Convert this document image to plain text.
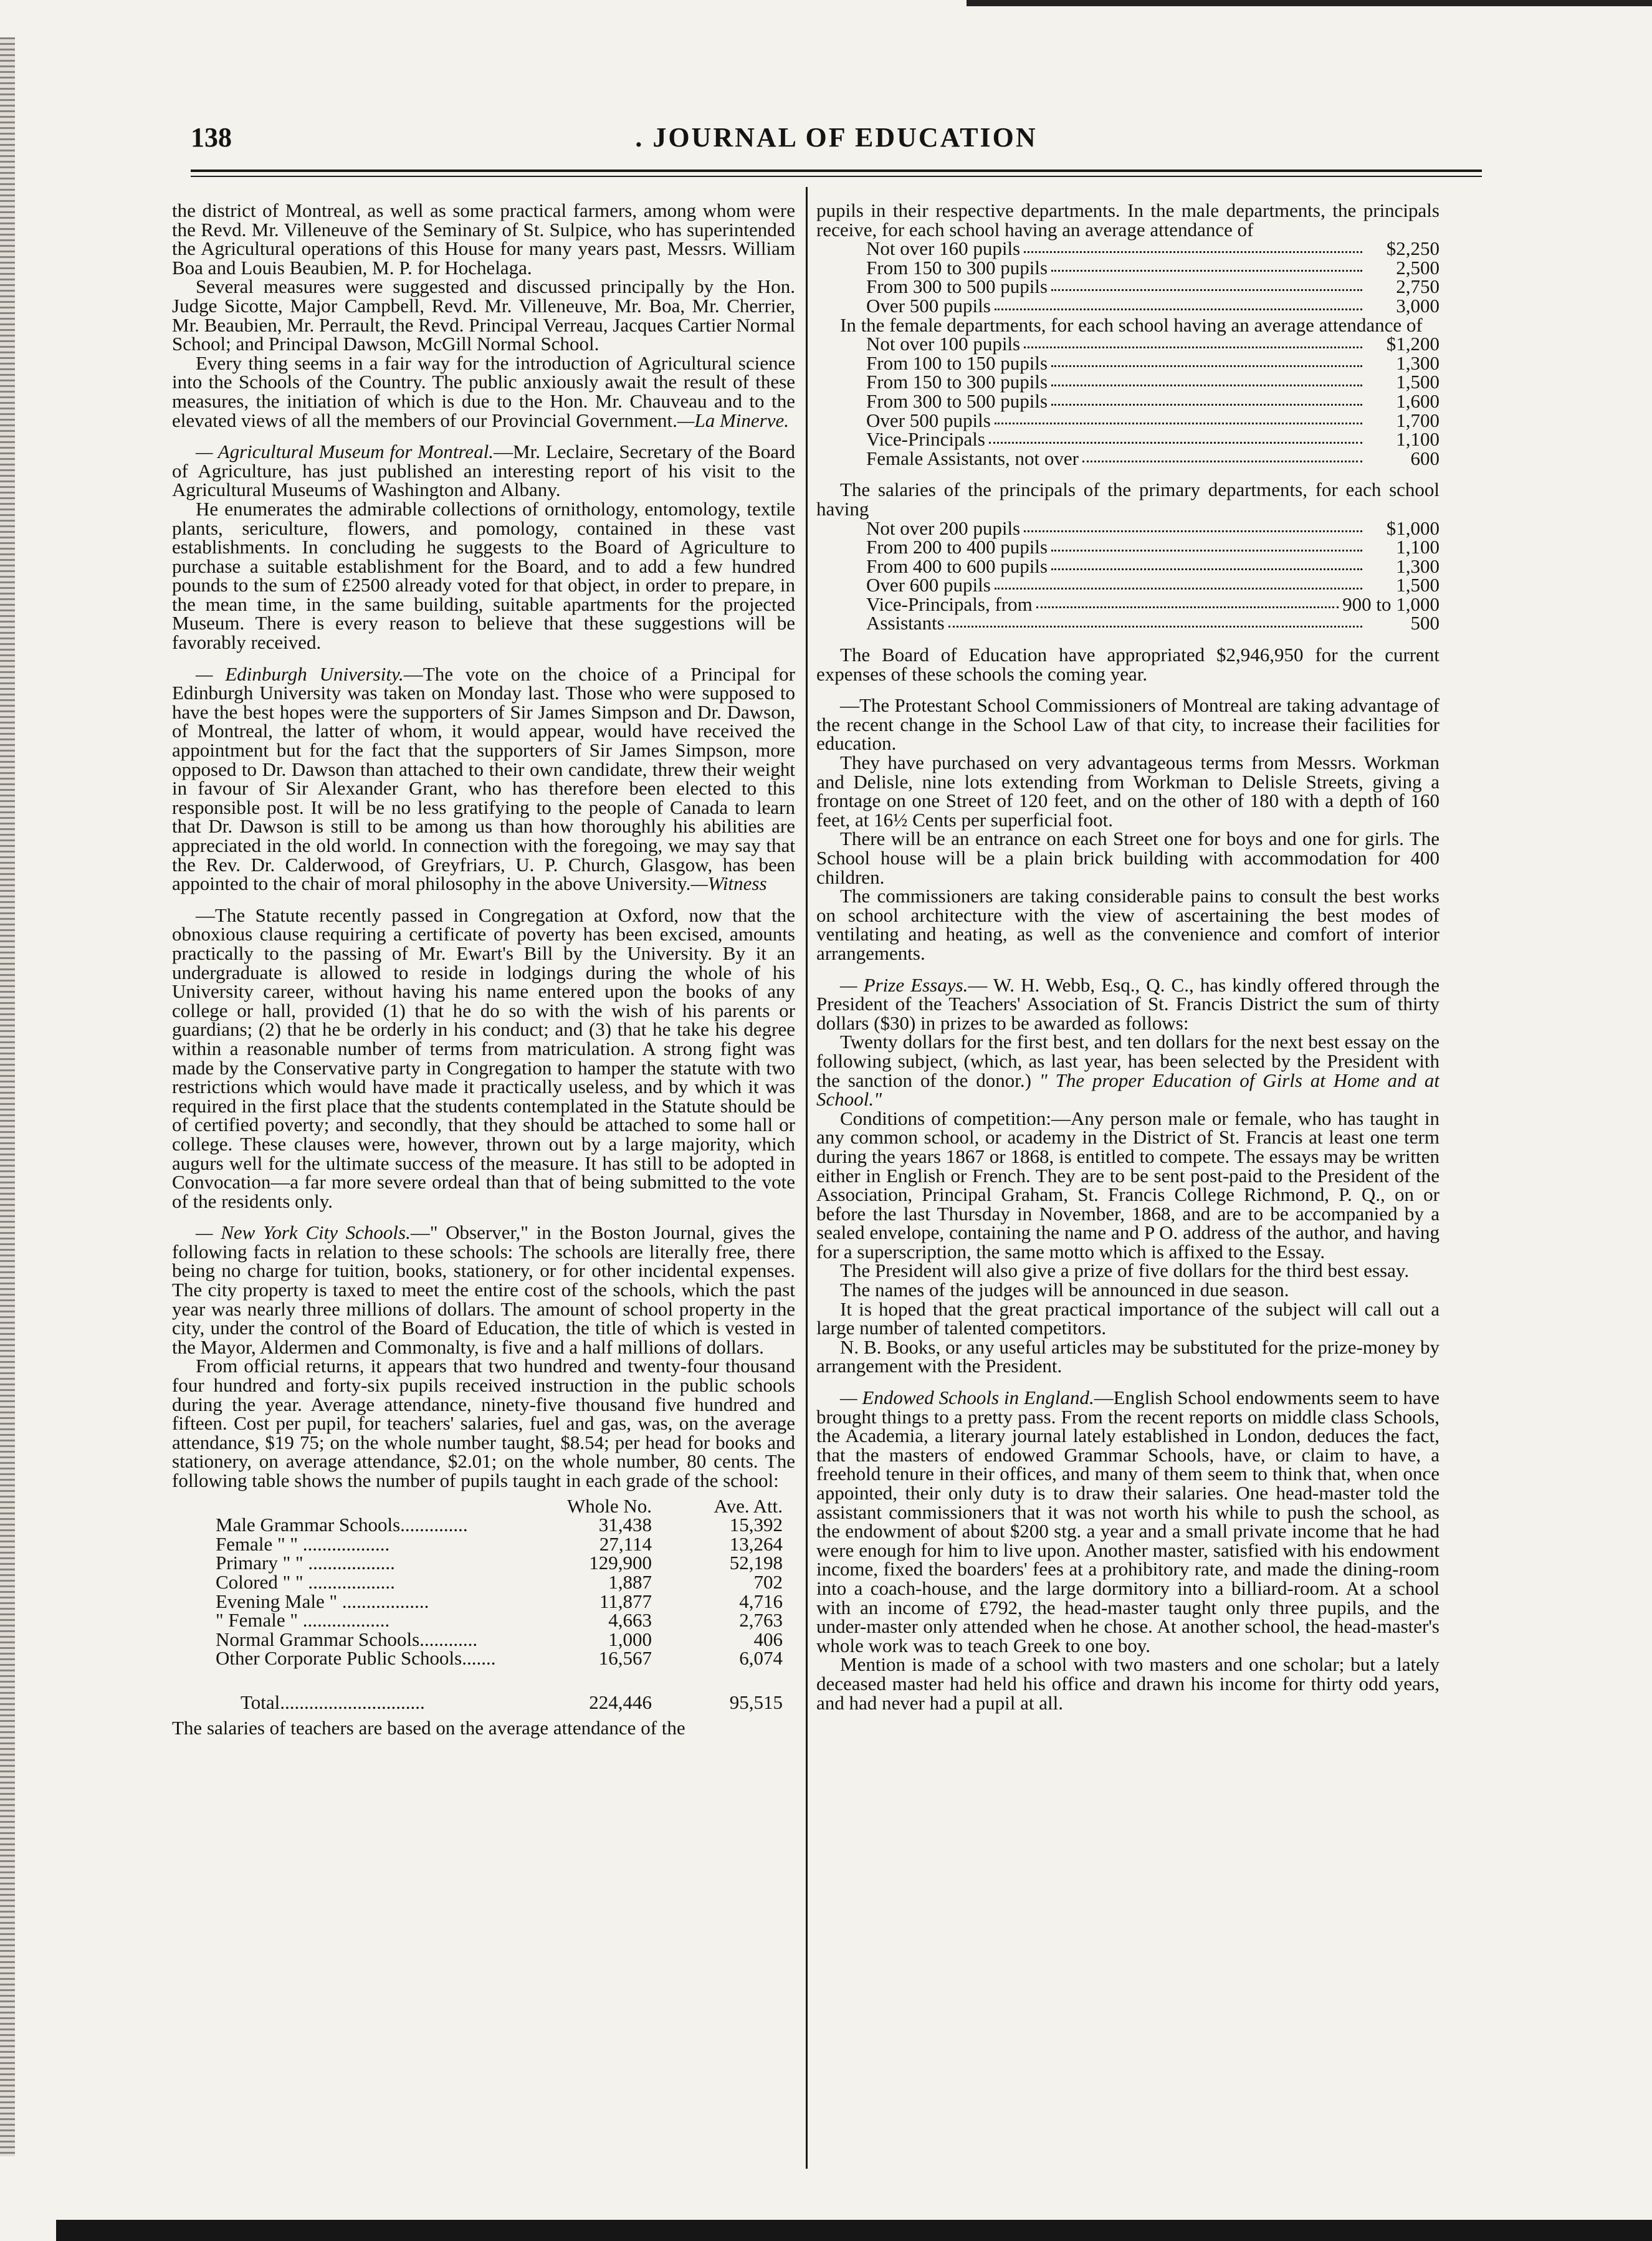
138	. JOURNAL OF EDUCATION

the district of Montreal, as well as some practical farmers, among whom were the Revd. Mr. Villeneuve of the Seminary of St. Sulpice, who has superintended the Agricultural operations of this House for many years past, Messrs. William Boa and Louis Beaubien, M. P. for Hochelaga.

Several measures were suggested and discussed principally by the Hon. Judge Sicotte, Major Campbell, Revd. Mr. Villeneuve, Mr. Boa, Mr. Cherrier, Mr. Beaubien, Mr. Perrault, the Revd. Principal Verreau, Jacques Cartier Normal School; and Principal Dawson, McGill Normal School.

Every thing seems in a fair way for the introduction of Agricultural science into the Schools of the Country. The public anxiously await the result of these measures, the initiation of which is due to the Hon. Mr. Chauveau and to the elevated views of all the members of our Provincial Government.—La Minerve.

— Agricultural Museum for Montreal.—Mr. Leclaire, Secretary of the Board of Agriculture, has just published an interesting report of his visit to the Agricultural Museums of Washington and Albany.

He enumerates the admirable collections of ornithology, entomology, textile plants, sericulture, flowers, and pomology, contained in these vast establishments. In concluding he suggests to the Board of Agriculture to purchase a suitable establishment for the Board, and to add a few hundred pounds to the sum of £2500 already voted for that object, in order to prepare, in the mean time, in the same building, suitable apartments for the projected Museum. There is every reason to believe that these suggestions will be favorably received.

— Edinburgh University.—The vote on the choice of a Principal for Edinburgh University was taken on Monday last. Those who were supposed to have the best hopes were the supporters of Sir James Simpson and Dr. Dawson, of Montreal, the latter of whom, it would appear, would have received the appointment but for the fact that the supporters of Sir James Simpson, more opposed to Dr. Dawson than attached to their own candidate, threw their weight in favour of Sir Alexander Grant, who has therefore been elected to this responsible post. It will be no less gratifying to the people of Canada to learn that Dr. Dawson is still to be among us than how thoroughly his abilities are appreciated in the old world. In connection with the foregoing, we may say that the Rev. Dr. Calderwood, of Greyfriars, U. P. Church, Glasgow, has been appointed to the chair of moral philosophy in the above University.—Witness

—The Statute recently passed in Congregation at Oxford, now that the obnoxious clause requiring a certificate of poverty has been excised, amounts practically to the passing of Mr. Ewart's Bill by the University. By it an undergraduate is allowed to reside in lodgings during the whole of his University career, without having his name entered upon the books of any college or hall, provided (1) that he do so with the wish of his parents or guardians; (2) that he be orderly in his conduct; and (3) that he take his degree within a reasonable number of terms from matriculation. A strong fight was made by the Conservative party in Congregation to hamper the statute with two restrictions which would have made it practically useless, and by which it was required in the first place that the students contemplated in the Statute should be of certified poverty; and secondly, that they should be attached to some hall or college. These clauses were, however, thrown out by a large majority, which augurs well for the ultimate success of the measure. It has still to be adopted in Convocation—a far more severe ordeal than that of being submitted to the vote of the residents only.

— New York City Schools.—" Observer," in the Boston Journal, gives the following facts in relation to these schools: The schools are literally free, there being no charge for tuition, books, stationery, or for other incidental expenses. The city property is taxed to meet the entire cost of the schools, which the past year was nearly three millions of dollars. The amount of school property in the city, under the control of the Board of Education, the title of which is vested in the Mayor, Aldermen and Commonalty, is five and a half millions of dollars.

From official returns, it appears that two hundred and twenty-four thousand four hundred and forty-six pupils received instruction in the public schools during the year. Average attendance, ninety-five thousand five hundred and fifteen. Cost per pupil, for teachers' salaries, fuel and gas, was, on the average attendance, $19 75; on the whole number taught, $8.54; per head for books and stationery, on average attendance, $2.01; on the whole number, 80 cents. The following table shows the number of pupils taught in each grade of the school:

	Whole No.	Ave. Att.
Male Grammar Schools..............	31,438	15,392
Female " " ..................	27,114	13,264
Primary " " ..................	129,900	52,198
Colored " " ..................	1,887	702
Evening Male " ..................	11,877	4,716
" Female " ..................	4,663	2,763
Normal Grammar Schools............	1,000	406
Other Corporate Public Schools.......	16,567	6,074
Total..............................	224,446	95,515

The salaries of teachers are based on the average attendance of the

pupils in their respective departments. In the male departments, the principals receive, for each school having an average attendance of

Not over 160 pupils	$2,250
From 150 to 300 pupils	2,500
From 300 to 500 pupils	2,750
Over 500 pupils	3,000

In the female departments, for each school having an average attendance of

Not over 100 pupils	$1,200
From 100 to 150 pupils	1,300
From 150 to 300 pupils	1,500
From 300 to 500 pupils	1,600
Over 500 pupils	1,700
Vice-Principals	1,100
Female Assistants, not over	600

The salaries of the principals of the primary departments, for each school having

Not over 200 pupils	$1,000
From 200 to 400 pupils	1,100
From 400 to 600 pupils	1,300
Over 600 pupils	1,500
Vice-Principals, from	900 to 1,000
Assistants	500

The Board of Education have appropriated $2,946,950 for the current expenses of these schools the coming year.

—The Protestant School Commissioners of Montreal are taking advantage of the recent change in the School Law of that city, to increase their facilities for education.

They have purchased on very advantageous terms from Messrs. Workman and Delisle, nine lots extending from Workman to Delisle Streets, giving a frontage on one Street of 120 feet, and on the other of 180 with a depth of 160 feet, at 16½ Cents per superficial foot.

There will be an entrance on each Street one for boys and one for girls. The School house will be a plain brick building with accommodation for 400 children.

The commissioners are taking considerable pains to consult the best works on school architecture with the view of ascertaining the best modes of ventilating and heating, as well as the convenience and comfort of interior arrangements.

— Prize Essays.— W. H. Webb, Esq., Q. C., has kindly offered through the President of the Teachers' Association of St. Francis District the sum of thirty dollars ($30) in prizes to be awarded as follows:

Twenty dollars for the first best, and ten dollars for the next best essay on the following subject, (which, as last year, has been selected by the President with the sanction of the donor.) " The proper Education of Girls at Home and at School."

Conditions of competition:—Any person male or female, who has taught in any common school, or academy in the District of St. Francis at least one term during the years 1867 or 1868, is entitled to compete. The essays may be written either in English or French. They are to be sent post-paid to the President of the Association, Principal Graham, St. Francis College Richmond, P. Q., on or before the last Thursday in November, 1868, and are to be accompanied by a sealed envelope, containing the name and P O. address of the author, and having for a superscription, the same motto which is affixed to the Essay.

The President will also give a prize of five dollars for the third best essay.

The names of the judges will be announced in due season.

It is hoped that the great practical importance of the subject will call out a large number of talented competitors.

N. B. Books, or any useful articles may be substituted for the prize-money by arrangement with the President.

— Endowed Schools in England.—English School endowments seem to have brought things to a pretty pass. From the recent reports on middle class Schools, the Academia, a literary journal lately established in London, deduces the fact, that the masters of endowed Grammar Schools, have, or claim to have, a freehold tenure in their offices, and many of them seem to think that, when once appointed, their only duty is to draw their salaries. One head-master told the assistant commissioners that it was not worth his while to push the school, as the endowment of about $200 stg. a year and a small private income that he had were enough for him to live upon. Another master, satisfied with his endowment income, fixed the boarders' fees at a prohibitory rate, and made the dining-room into a coach-house, and the large dormitory into a billiard-room. At a school with an income of £792, the head-master taught only three pupils, and the under-master only attended when he chose. At another school, the head-master's whole work was to teach Greek to one boy.

Mention is made of a school with two masters and one scholar; but a lately deceased master had held his office and drawn his income for thirty odd years, and had never had a pupil at all.
